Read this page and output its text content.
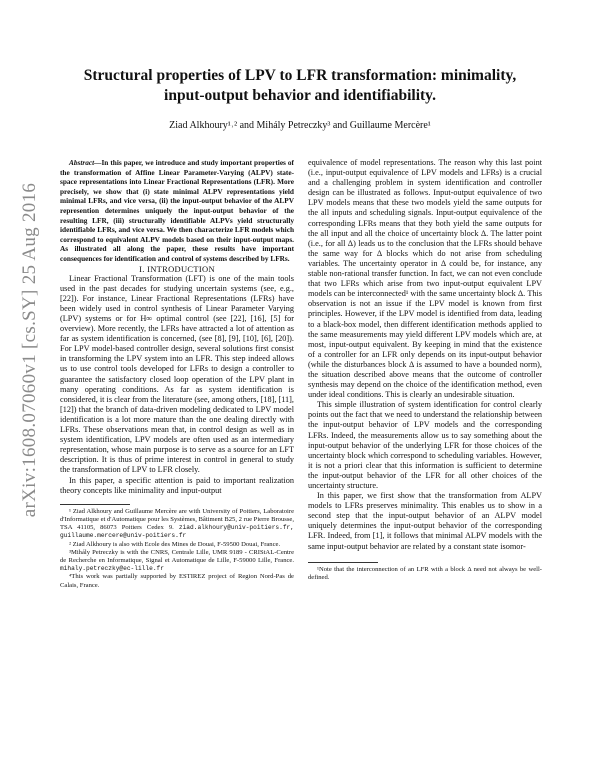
arXiv:1608.07060v1 [cs.SY] 25 Aug 2016
Structural properties of LPV to LFR transformation: minimality, input-output behavior and identifiability.
Ziad Alkhoury¹˒² and Mihály Petreczky³ and Guillaume Mercère¹

Abstract—In this paper, we introduce and study important properties of the transformation of Affine Linear Parameter-Varying (ALPV) state-space representations into Linear Fractional Representations (LFR). More precisely, we show that (i) state minimal ALPV representations yield minimal LFRs, and vice versa, (ii) the input-output behavior of the ALPV represention determines uniquely the input-output behavior of the resulting LFR, (iii) structurally identifiable ALPVs yield structurally identifiable LFRs, and vice versa. We then characterize LFR models which correspond to equivalent ALPV models based on their input-output maps. As illustrated all along the paper, these results have important consequences for identification and control of systems described by LFRs.

I. INTRODUCTION

Linear Fractional Transformation (LFT) is one of the main tools used in the past decades for studying uncertain systems (see, e.g., [22]). For instance, Linear Fractional Representations (LFRs) have been widely used in control synthesis of Linear Parameter Varying (LPV) systems or for H∞ optimal control (see [22], [16], [5] for overview). More recently, the LFRs have attracted a lot of attention as far as system identification is concerned, (see [8], [9], [10], [6], [20]). For LPV model-based controller design, several solutions first consist in transforming the LPV system into an LFR. This step indeed allows us to use control tools developed for LFRs to design a controller to guarantee the satisfactory closed loop operation of the LPV plant in many operating conditions. As far as system identification is considered, it is clear from the literature (see, among others, [18], [11], [12]) that the branch of data-driven modeling dedicated to LPV model identification is a lot more mature than the one dealing directly with LFRs. These observations mean that, in control design as well as in system identification, LPV models are often used as an intermediary representation, whose main purpose is to serve as a source for an LFT description. It is thus of prime interest in control in general to study the transformation of LPV to LFR closely.

In this paper, a specific attention is paid to important realization theory concepts like minimality and input-output

¹ Ziad Alkhoury and Guillaume Mercère are with University of Poitiers, Laboratoire d'Informatique et d'Automatique pour les Systèmes, Bâtiment B25, 2 rue Pierre Brousse, TSA 41105, 86073 Poitiers Cedex 9. ziad.alkhoury@univ-poitiers.fr, guillaume.mercere@univ-poitiers.fr

² Ziad Alkhoury is also with Ecole des Mines de Douai, F-59500 Douai, France.

³Mihály Petreczky is with the CNRS, Centrale Lille, UMR 9189 - CRIStAL-Centre de Recherche en Informatique, Signal et Automatique de Lille, F-59000 Lille, France. mihaly.petreczky@ec-lille.fr

⁴This work was partially supported by ESTIREZ project of Region Nord-Pas de Calais, France.

equivalence of model representations. The reason why this last point (i.e., input-output equivalence of LPV models and LFRs) is a crucial and a challenging problem in system identification and controller design can be illustrated as follows. Input-output equivalence of two LPV models means that these two models yield the same outputs for the all inputs and scheduling signals. Input-output equivalence of the corresponding LFRs means that they both yield the same outputs for the all input and all the choice of uncertainty block Δ. The latter point (i.e., for all Δ) leads us to the conclusion that the LFRs should behave the same way for Δ blocks which do not arise from scheduling variables. The uncertainty operator in Δ could be, for instance, any stable non-rational transfer function. In fact, we can not even conclude that two LFRs which arise from two input-output equivalent LPV models can be interconnected¹ with the same uncertainty block Δ. This observation is not an issue if the LPV model is known from first principles. However, if the LPV model is identified from data, leading to a black-box model, then different identification methods applied to the same measurements may yield different LPV models which are, at most, input-output equivalent. By keeping in mind that the existence of a controller for an LFR only depends on its input-output behavior (while the disturbances block Δ is assumed to have a bounded norm), the situation described above means that the outcome of controller synthesis may depend on the choice of the identification method, even under ideal conditions. This is clearly an undesirable situation.

This simple illustration of system identification for control clearly points out the fact that we need to understand the relationship between the input-output behavior of LPV models and the corresponding LFRs. Indeed, the measurements allow us to say something about the input-output behavior of the underlying LFR for those choices of the uncertainty block which correspond to scheduling variables. However, it is not a priori clear that this information is sufficient to determine the input-output behavior of the LFR for all other choices of the uncertainty structure.

In this paper, we first show that the transformation from ALPV models to LFRs preserves minimality. This enables us to show in a second step that the input-output behavior of an ALPV model uniquely determines the input-output behavior of the corresponding LFR. Indeed, from [1], it follows that minimal ALPV models with the same input-output behavior are related by a constant state isomor-

¹Note that the interconnection of an LFR with a block Δ need not always be well-defined.
